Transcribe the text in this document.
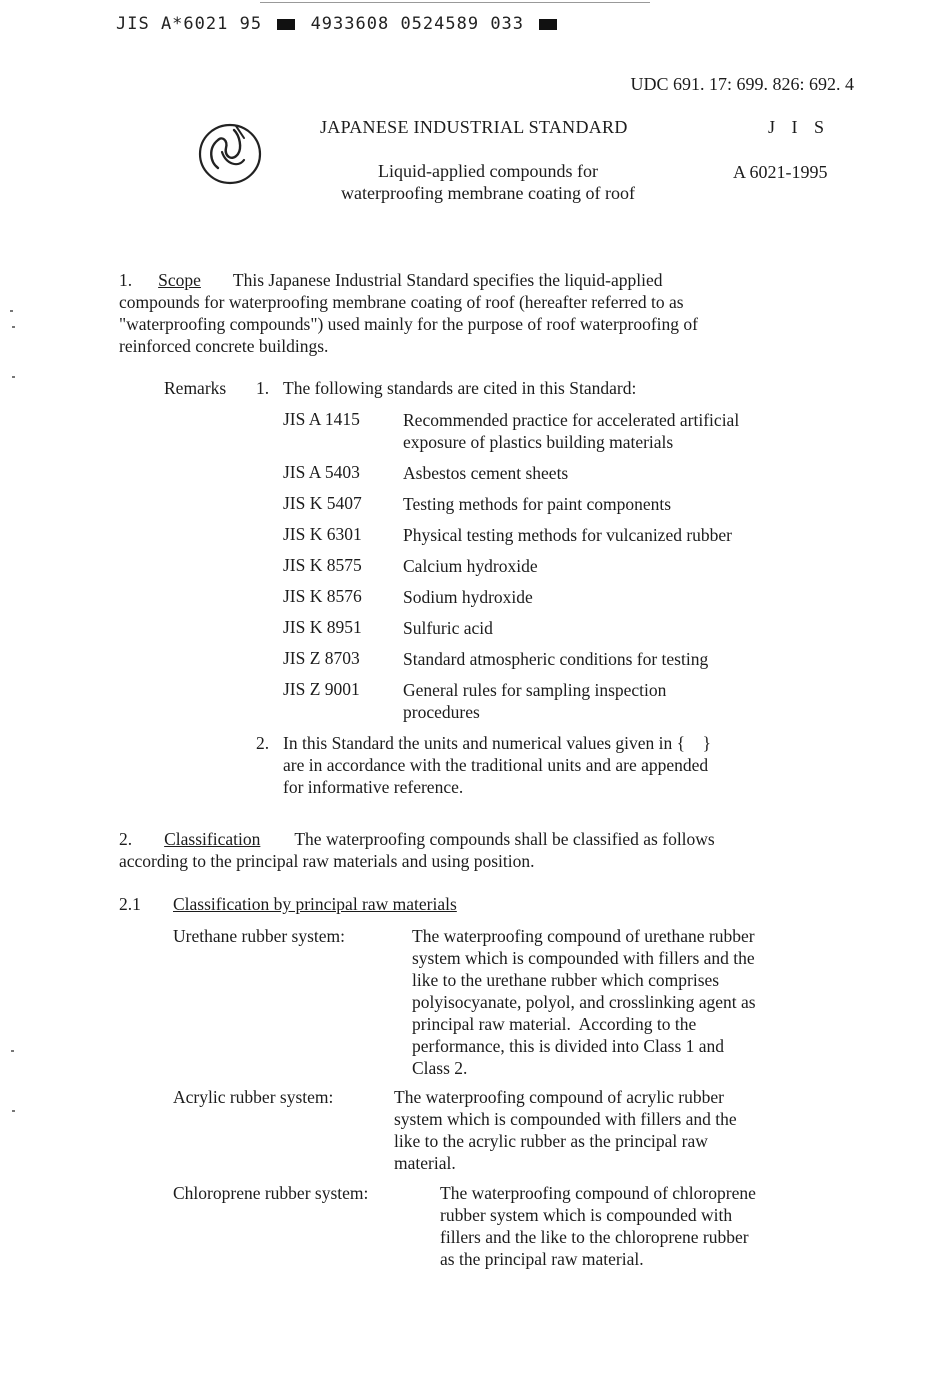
JIS A*6021 95	4933608 0524589 033
UDC 691. 17: 699. 826: 692. 4
JAPANESE INDUSTRIAL STANDARD	J I S
Liquid-applied compounds for
waterproofing membrane coating of roof
A 6021-1995
1. Scope This Japanese Industrial Standard specifies the liquid-applied
compounds for waterproofing membrane coating of roof (hereafter referred to as
"waterproofing compounds") used mainly for the purpose of roof waterproofing of
reinforced concrete buildings.
Remarks 1. The following standards are cited in this Standard:
JIS A 1415	Recommended practice for accelerated artificial
exposure of plastics building materials
JIS A 5403	Asbestos cement sheets
JIS K 5407	Testing methods for paint components
JIS K 6301	Physical testing methods for vulcanized rubber
JIS K 8575	Calcium hydroxide
JIS K 8576	Sodium hydroxide
JIS K 8951	Sulfuric acid
JIS Z 8703	Standard atmospheric conditions for testing
JIS Z 9001	General rules for sampling inspection
procedures
2. In this Standard the units and numerical values given in {    }
are in accordance with the traditional units and are appended
for informative reference.
2. Classification The waterproofing compounds shall be classified as follows
according to the principal raw materials and using position.
2.1 Classification by principal raw materials
Urethane rubber system:	The waterproofing compound of urethane rubber
system which is compounded with fillers and the
like to the urethane rubber which comprises
polyisocyanate, polyol, and crosslinking agent as
principal raw material.  According to the
performance, this is divided into Class 1 and
Class 2.
Acrylic rubber system:	The waterproofing compound of acrylic rubber
system which is compounded with fillers and the
like to the acrylic rubber as the principal raw
material.
Chloroprene rubber system:	The waterproofing compound of chloroprene
rubber system which is compounded with
fillers and the like to the chloroprene rubber
as the principal raw material.
